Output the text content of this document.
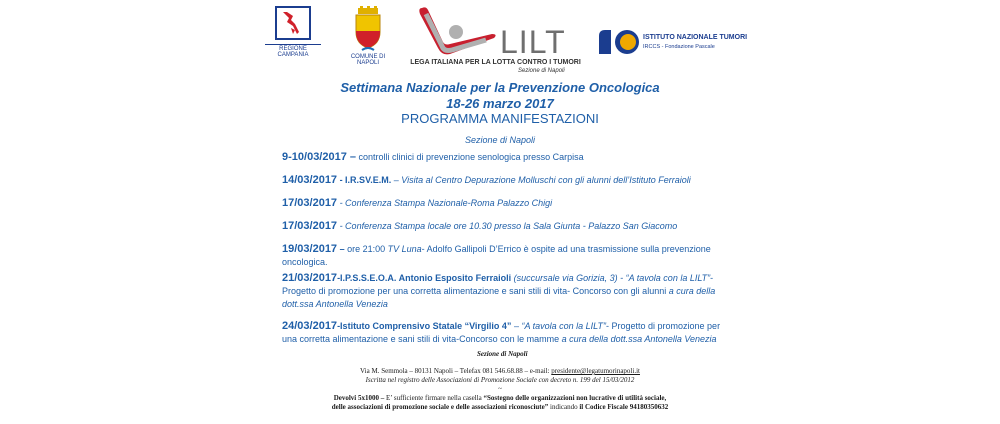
REGIONE CAMPANIA	COMUNE DI NAPOLI
LILT
LEGA ITALIANA PER LA LOTTA CONTRO I TUMORI
Sezione di Napoli
ISTITUTO NAZIONALE TUMORI
IRCCS - Fondazione Pascale
Settimana Nazionale per la Prevenzione Oncologica
18-26 marzo 2017
PROGRAMMA MANIFESTAZIONI
Sezione di Napoli
9-10/03/2017 – controlli clinici di prevenzione senologica presso Carpisa
14/03/2017 - I.R.SV.E.M. – Visita al Centro Depurazione Molluschi con gli alunni dell’Istituto Ferraioli
17/03/2017 - Conferenza Stampa Nazionale-Roma Palazzo Chigi
17/03/2017 - Conferenza Stampa locale ore 10.30 presso la Sala Giunta - Palazzo San Giacomo
19/03/2017 – ore 21:00 TV Luna- Adolfo Gallipoli D’Errico è ospite ad una trasmissione sulla prevenzione
oncologica.
21/03/2017-I.P.S.S.E.O.A. Antonio Esposito Ferraioli (succursale via Gorizia, 3) - “A tavola con la LILT”-
Progetto di promozione per una corretta alimentazione e sani stili di vita- Concorso con gli alunni a cura della
dott.ssa Antonella Venezia
24/03/2017-Istituto Comprensivo Statale “Virgilio 4” – “A tavola con la LILT”- Progetto di promozione per
una corretta alimentazione e sani stili di vita-Concorso con le mamme a cura della dott.ssa Antonella Venezia
Sezione di Napoli
Via M. Semmola – 80131 Napoli – Telefax 081 546.68.88 – e-mail: presidente@legatumorinapoli.it
Iscritta nel registro delle Associazioni di Promozione Sociale con decreto n. 199 del 15/03/2012
~
Devolvi 5x1000 – E’ sufficiente firmare nella casella “Sostegno delle organizzazioni non lucrative di utilità sociale,
delle associazioni di promozione sociale e delle associazioni riconosciute” indicando il Codice Fiscale 94180350632
